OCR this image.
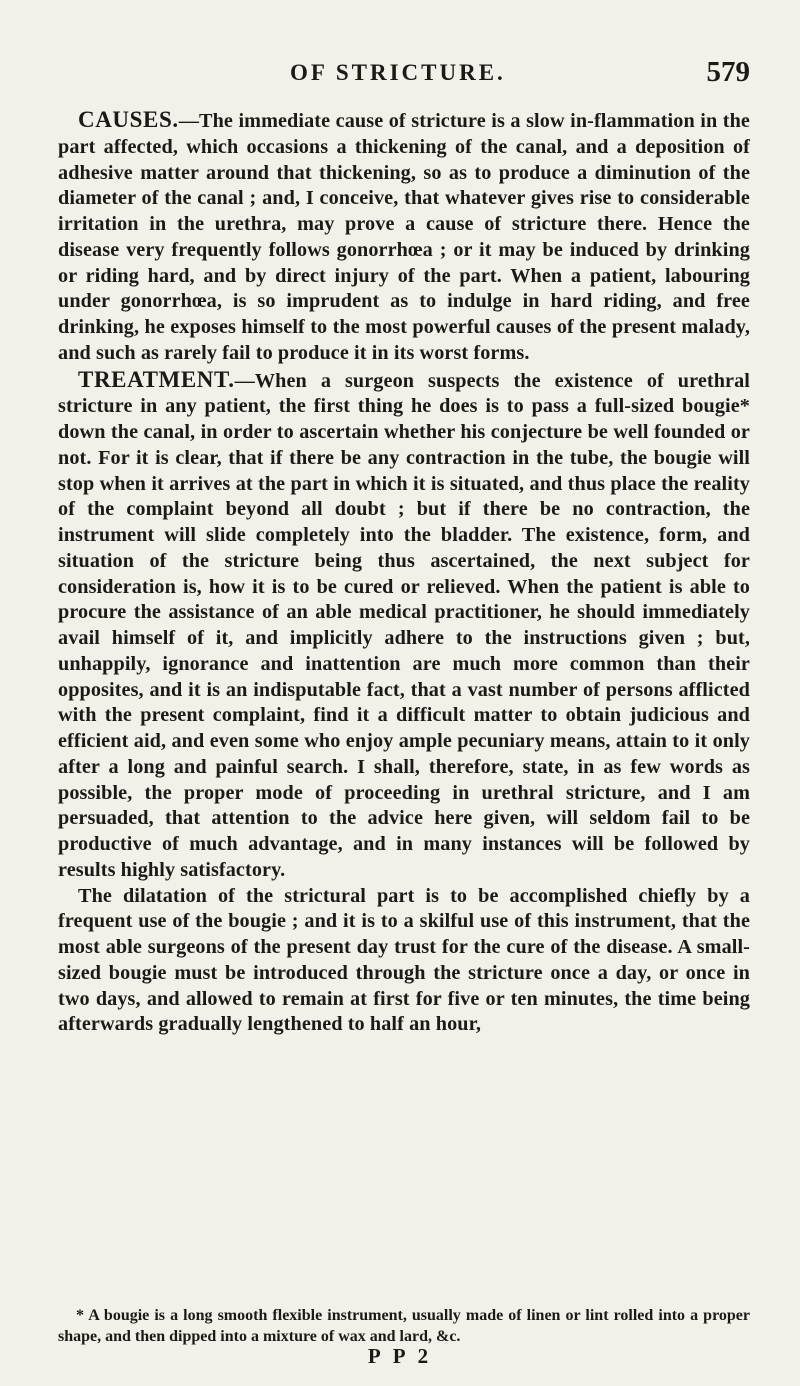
OF STRICTURE.	579

CAUSES.—The immediate cause of stricture is a slow in-flammation in the part affected, which occasions a thickening of the canal, and a deposition of adhesive matter around that thickening, so as to produce a diminution of the diameter of the canal ; and, I conceive, that whatever gives rise to considerable irritation in the urethra, may prove a cause of stricture there. Hence the disease very frequently follows gonorrhœa ; or it may be induced by drinking or riding hard, and by direct injury of the part. When a patient, labouring under gonorrhœa, is so imprudent as to indulge in hard riding, and free drinking, he exposes himself to the most powerful causes of the present malady, and such as rarely fail to produce it in its worst forms.

TREATMENT.—When a surgeon suspects the existence of urethral stricture in any patient, the first thing he does is to pass a full-sized bougie* down the canal, in order to ascertain whether his conjecture be well founded or not. For it is clear, that if there be any contraction in the tube, the bougie will stop when it arrives at the part in which it is situated, and thus place the reality of the complaint beyond all doubt ; but if there be no contraction, the instrument will slide completely into the bladder. The existence, form, and situation of the stricture being thus ascertained, the next subject for consideration is, how it is to be cured or relieved. When the patient is able to procure the assistance of an able medical practitioner, he should immediately avail himself of it, and implicitly adhere to the instructions given ; but, unhappily, ignorance and inattention are much more common than their opposites, and it is an indisputable fact, that a vast number of persons afflicted with the present complaint, find it a difficult matter to obtain judicious and efficient aid, and even some who enjoy ample pecuniary means, attain to it only after a long and painful search. I shall, therefore, state, in as few words as possible, the proper mode of proceeding in urethral stricture, and I am persuaded, that attention to the advice here given, will seldom fail to be productive of much advantage, and in many instances will be followed by results highly satisfactory.

The dilatation of the strictural part is to be accomplished chiefly by a frequent use of the bougie ; and it is to a skilful use of this instrument, that the most able surgeons of the present day trust for the cure of the disease. A small-sized bougie must be introduced through the stricture once a day, or once in two days, and allowed to remain at first for five or ten minutes, the time being afterwards gradually lengthened to half an hour,

* A bougie is a long smooth flexible instrument, usually made of linen or lint rolled into a proper shape, and then dipped into a mixture of wax and lard, &c.

P P 2
